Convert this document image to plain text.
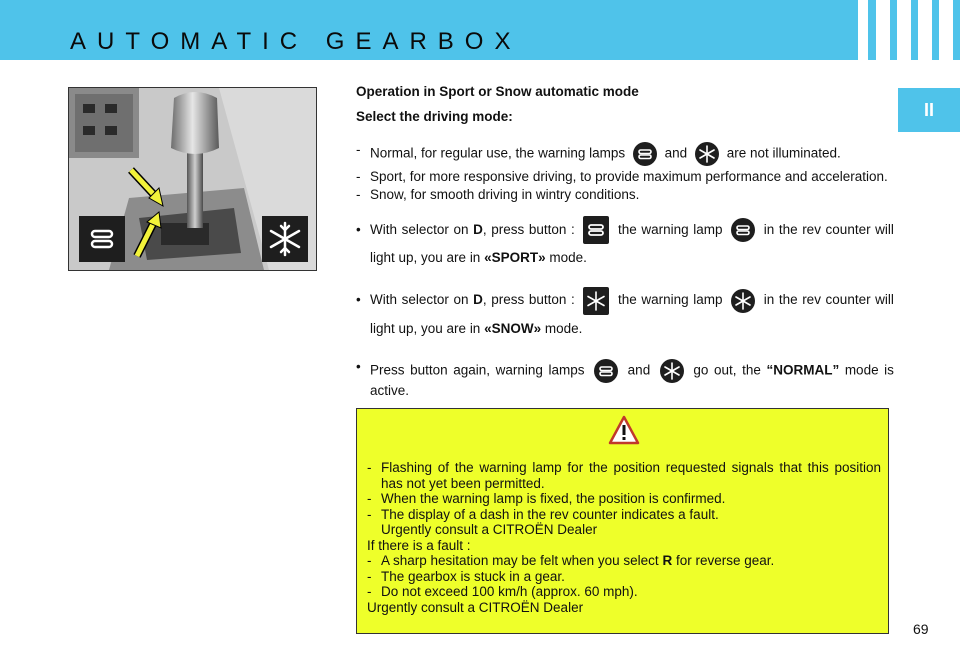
AUTOMATIC GEARBOX
II
Operation in Sport or Snow automatic mode
Select the driving mode:
- Normal, for regular use, the warning lamps	and	are not illuminated.
- Sport, for more responsive driving, to provide maximum performance and acceleration.
- Snow, for smooth driving in wintry conditions.
• With selector on D, press button :	the warning lamp	in the rev counter will light up, you are in «SPORT» mode.
• With selector on D, press button :	the warning lamp	in the rev counter will light up, you are in «SNOW» mode.
• Press button again, warning lamps	and	go out, the “NORMAL” mode is active.
- Flashing of the warning lamp for the position requested signals that this position has not yet been permitted.
- When the warning lamp is fixed, the position is confirmed.
- The display of a dash in the rev counter indicates a fault.
Urgently consult a CITROËN Dealer
If there is a fault :
- A sharp hesitation may be felt when you select R for reverse gear.
- The gearbox is stuck in a gear.
- Do not exceed 100 km/h (approx. 60 mph).
Urgently consult a CITROËN Dealer
69
